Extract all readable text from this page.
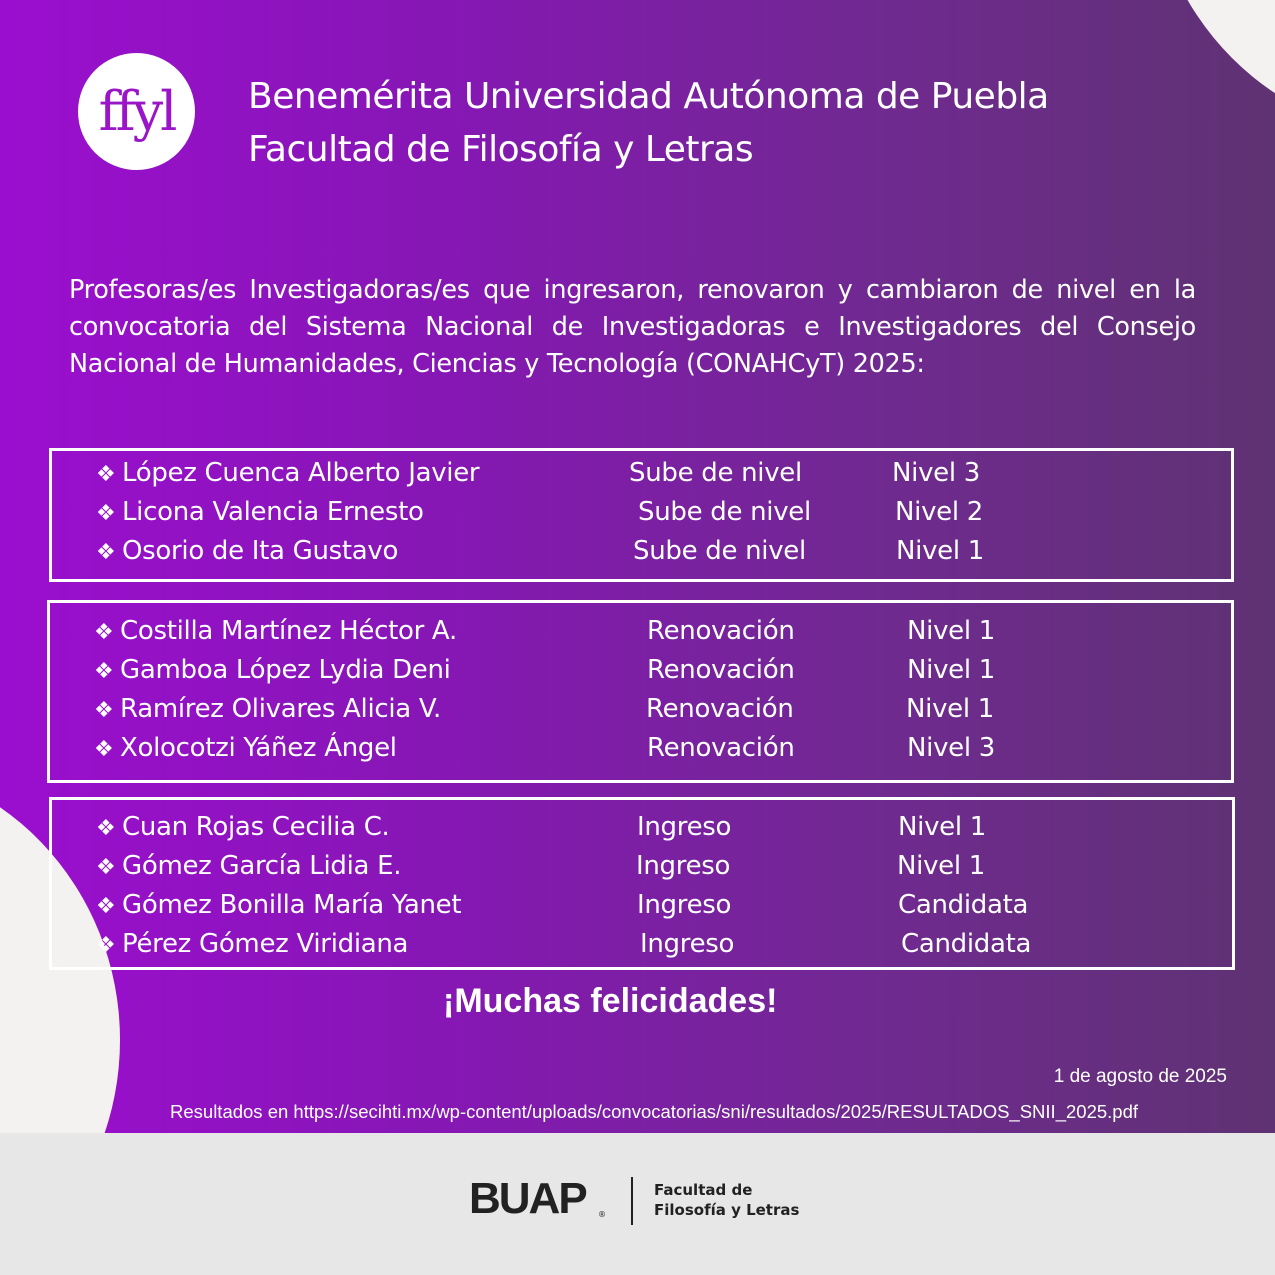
ffyl Benemérita Universidad Autónoma de Puebla
Facultad de Filosofía y Letras
Profesoras/es Investigadoras/es que ingresaron, renovaron y cambiaron de nivel en la convocatoria del Sistema Nacional de Investigadoras e Investigadores del Consejo Nacional de Humanidades, Ciencias y Tecnología (CONAHCyT) 2025:
❖ López Cuenca Alberto Javier	Sube de nivel	Nivel 3
❖ Licona Valencia Ernesto	Sube de nivel	Nivel 2
❖ Osorio de Ita Gustavo	Sube de nivel	Nivel 1
❖ Costilla Martínez Héctor A.	Renovación	Nivel 1
❖ Gamboa López Lydia Deni	Renovación	Nivel 1
❖ Ramírez Olivares Alicia V.	Renovación	Nivel 1
❖ Xolocotzi Yáñez Ángel	Renovación	Nivel 3
❖ Cuan Rojas Cecilia C.	Ingreso	Nivel 1
❖ Gómez García Lidia E.	Ingreso	Nivel 1
❖ Gómez Bonilla María Yanet	Ingreso	Candidata
❖ Pérez Gómez Viridiana	Ingreso	Candidata
¡Muchas felicidades!
1 de agosto de 2025
Resultados en https://secihti.mx/wp-content/uploads/convocatorias/sni/resultados/2025/RESULTADOS_SNII_2025.pdf
BUAP ®
Facultad de
Filosofía y Letras
